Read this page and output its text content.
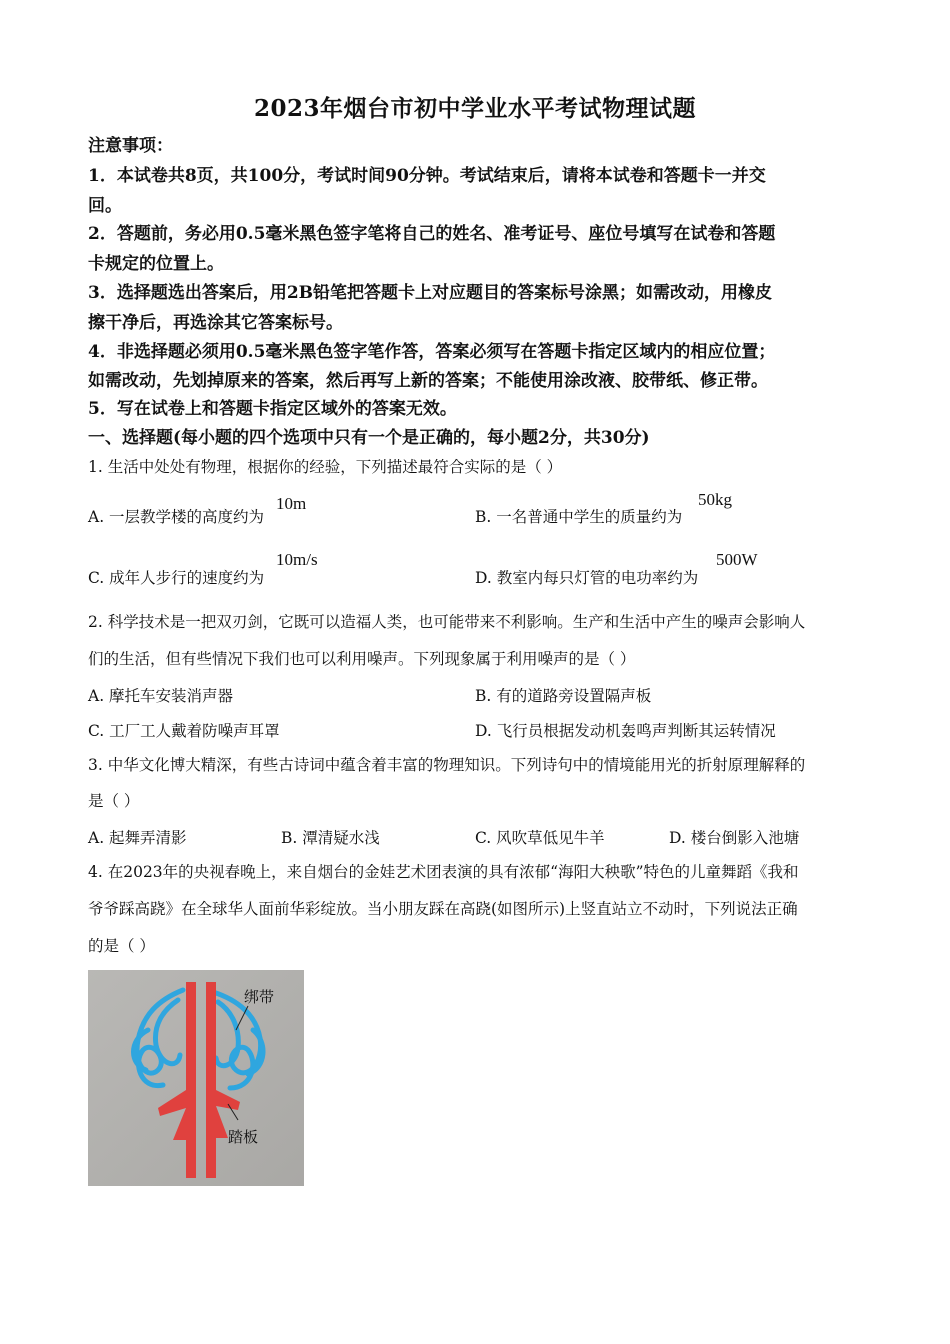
2023年烟台市初中学业水平考试物理试题
注意事项：
1．本试卷共8页，共100分，考试时间90分钟。考试结束后，请将本试卷和答题卡一并交
回。
2．答题前，务必用0.5毫米黑色签字笔将自己的姓名、准考证号、座位号填写在试卷和答题
卡规定的位置上。
3．选择题选出答案后，用2B铅笔把答题卡上对应题目的答案标号涂黑；如需改动，用橡皮
擦干净后，再选涂其它答案标号。
4．非选择题必须用0.5毫米黑色签字笔作答，答案必须写在答题卡指定区域内的相应位置；
如需改动，先划掉原来的答案，然后再写上新的答案；不能使用涂改液、胶带纸、修正带。
5．写在试卷上和答题卡指定区域外的答案无效。
一、选择题(每小题的四个选项中只有一个是正确的，每小题2分，共30分)
1. 生活中处处有物理，根据你的经验，下列描述最符合实际的是（ ）
A. 一层教学楼的高度约为
10m
B. 一名普通中学生的质量约为
50kg
C. 成年人步行的速度约为
10m/s
D. 教室内每只灯管的电功率约为
500W
2. 科学技术是一把双刃剑，它既可以造福人类，也可能带来不利影响。生产和生活中产生的噪声会影响人
们的生活，但有些情况下我们也可以利用噪声。下列现象属于利用噪声的是（ ）
A. 摩托车安装消声器	B. 有的道路旁设置隔声板
C. 工厂工人戴着防噪声耳罩	D. 飞行员根据发动机轰鸣声判断其运转情况
3. 中华文化博大精深，有些古诗词中蕴含着丰富的物理知识。下列诗句中的情境能用光的折射原理解释的
是（ ）
A. 起舞弄清影	B. 潭清疑水浅	C. 风吹草低见牛羊	D. 楼台倒影入池塘
4. 在2023年的央视春晚上，来自烟台的金娃艺术团表演的具有浓郁“海阳大秧歌”特色的儿童舞蹈《我和
爷爷踩高跷》在全球华人面前华彩绽放。当小朋友踩在高跷(如图所示)上竖直站立不动时，下列说法正确
的是（ ）
绑带
踏板
